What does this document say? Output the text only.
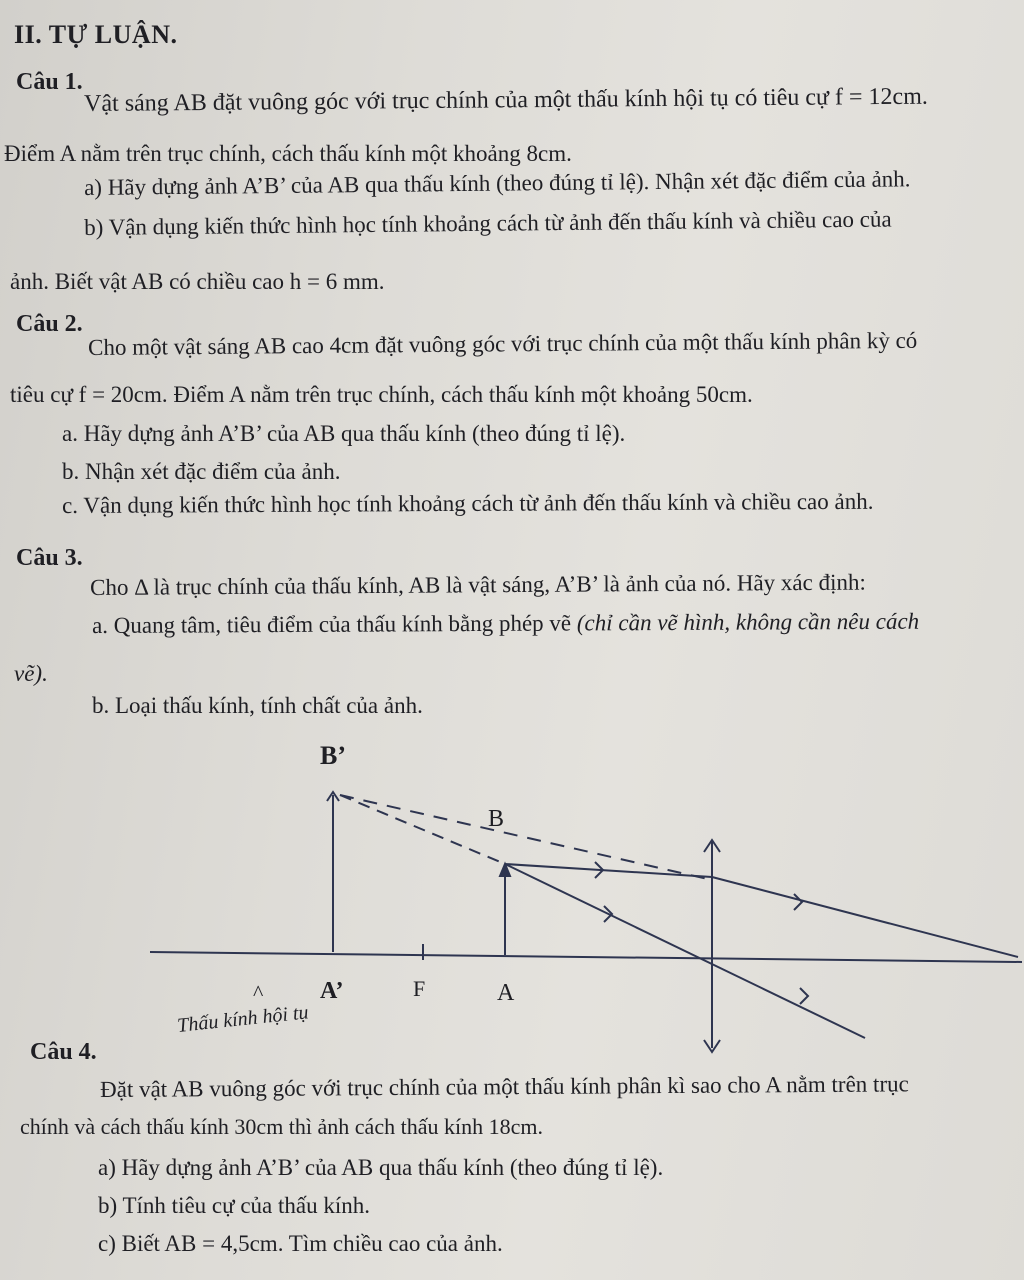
II. TỰ LUẬN.
Câu 1.
Vật sáng AB đặt vuông góc với trục chính của một thấu kính hội tụ có tiêu cự f = 12cm.
Điểm A nằm trên trục chính, cách thấu kính một khoảng 8cm.
a) Hãy dựng ảnh A’B’ của AB qua thấu kính (theo đúng tỉ lệ). Nhận xét đặc điểm của ảnh.
b) Vận dụng kiến thức hình học tính khoảng cách từ ảnh đến thấu kính và chiều cao của
ảnh. Biết vật AB có chiều cao h = 6 mm.
Câu 2.
Cho một vật sáng AB cao 4cm đặt vuông góc với trục chính của một thấu kính phân kỳ có
tiêu cự f = 20cm. Điểm A nằm trên trục chính, cách thấu kính một khoảng 50cm.
a. Hãy dựng ảnh A’B’ của AB qua thấu kính (theo đúng tỉ lệ).
b. Nhận xét đặc điểm của ảnh.
c. Vận dụng kiến thức hình học tính khoảng cách từ ảnh đến thấu kính và chiều cao ảnh.
Câu 3.
Cho Δ là trục chính của thấu kính, AB là vật sáng, A’B’ là ảnh của nó. Hãy xác định:
a. Quang tâm, tiêu điểm của thấu kính bằng phép vẽ (chỉ cần vẽ hình, không cần nêu cách
vẽ).
b. Loại thấu kính, tính chất của ảnh.
B’
B
^ A’	F	A
Thấu kính hội tụ
Câu 4.
Đặt vật AB vuông góc với trục chính của một thấu kính phân kì sao cho A nằm trên trục
chính và cách thấu kính 30cm thì ảnh cách thấu kính 18cm.
a) Hãy dựng ảnh A’B’ của AB qua thấu kính (theo đúng tỉ lệ).
b) Tính tiêu cự của thấu kính.
c) Biết AB = 4,5cm. Tìm chiều cao của ảnh.
